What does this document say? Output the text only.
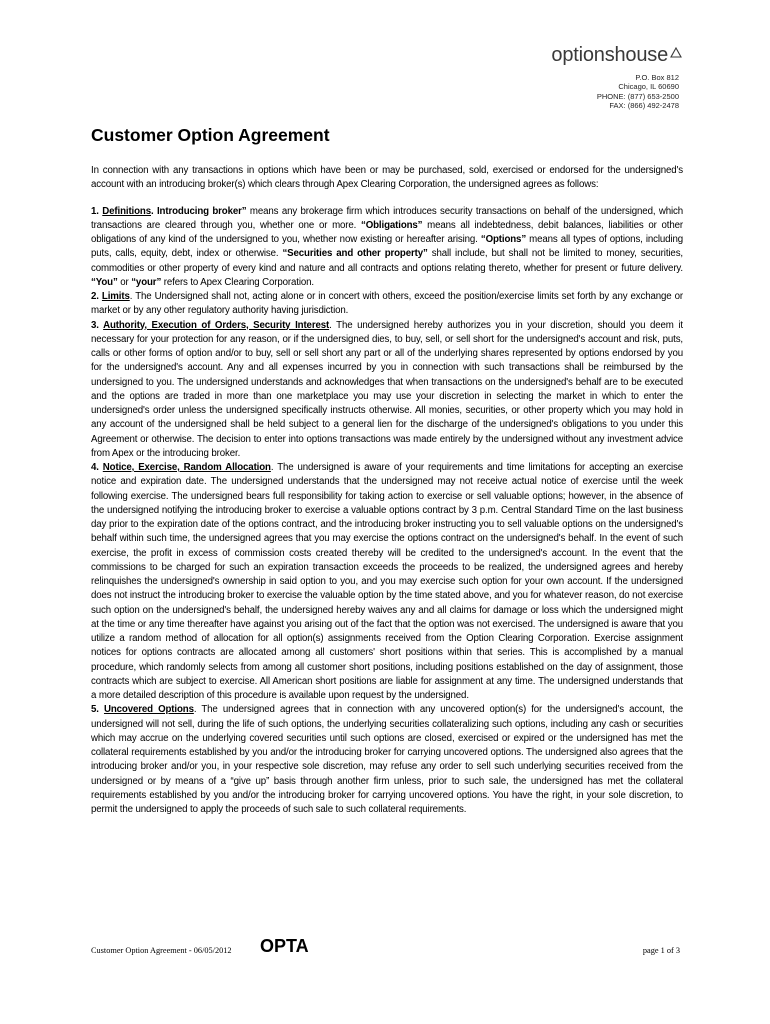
optionshouse
P.O. Box 812
Chicago, IL 60690
PHONE: (877) 653-2500
FAX: (866) 492-2478
Customer Option Agreement

In connection with any transactions in options which have been or may be purchased, sold, exercised or endorsed for the undersigned's account with an introducing broker(s) which clears through Apex Clearing Corporation, the undersigned agrees as follows:

1. Definitions. Introducing broker” means any brokerage firm which introduces security transactions on behalf of the undersigned, which transactions are cleared through you, whether one or more. “Obligations” means all indebtedness, debit balances, liabilities or other obligations of any kind of the undersigned to you, whether now existing or hereafter arising. “Options” means all types of options, including puts, calls, equity, debt, index or otherwise. “Securities and other property” shall include, but shall not be limited to money, securities, commodities or other property of every kind and nature and all contracts and options relating thereto, whether for present or future delivery. “You” or “your” refers to Apex Clearing Corporation.

2. Limits. The Undersigned shall not, acting alone or in concert with others, exceed the position/exercise limits set forth by any exchange or market or by any other regulatory authority having jurisdiction.

3. Authority, Execution of Orders, Security Interest. The undersigned hereby authorizes you in your discretion, should you deem it necessary for your protection for any reason, or if the undersigned dies, to buy, sell, or sell short for the undersigned's account and risk, puts, calls or other forms of option and/or to buy, sell or sell short any part or all of the underlying shares represented by options endorsed by you for the undersigned's account. Any and all expenses incurred by you in connection with such transactions shall be reimbursed by the undersigned to you. The undersigned understands and acknowledges that when transactions on the undersigned's behalf are to be executed and the options are traded in more than one marketplace you may use your discretion in selecting the market in which to enter the undersigned's order unless the undersigned specifically instructs otherwise. All monies, securities, or other property which you may hold in any account of the undersigned shall be held subject to a general lien for the discharge of the undersigned's obligations to you under this Agreement or otherwise. The decision to enter into options transactions was made entirely by the undersigned without any investment advice from Apex or the introducing broker.

4. Notice, Exercise, Random Allocation. The undersigned is aware of your requirements and time limitations for accepting an exercise notice and expiration date. The undersigned understands that the undersigned may not receive actual notice of exercise until the week following exercise. The undersigned bears full responsibility for taking action to exercise or sell valuable options; however, in the absence of the undersigned notifying the introducing broker to exercise a valuable options contract by 3 p.m. Central Standard Time on the last business day prior to the expiration date of the options contract, and the introducing broker instructing you to sell valuable options on the undersigned's behalf within such time, the undersigned agrees that you may exercise the options contract on the undersigned's behalf. In the event of such exercise, the profit in excess of commission costs created thereby will be credited to the undersigned's account. In the event that the commissions to be charged for such an expiration transaction exceeds the proceeds to be realized, the undersigned agrees and hereby relinquishes the undersigned's ownership in said option to you, and you may exercise such option for your own account. If the undersigned does not instruct the introducing broker to exercise the valuable option by the time stated above, and you for whatever reason, do not exercise such option on the undersigned's behalf, the undersigned hereby waives any and all claims for damage or loss which the undersigned might at the time or any time thereafter have against you arising out of the fact that the option was not exercised. The undersigned is aware that you utilize a random method of allocation for all option(s) assignments received from the Option Clearing Corporation. Exercise assignment notices for options contracts are allocated among all customers' short positions within that series. This is accomplished by a manual procedure, which randomly selects from among all customer short positions, including positions established on the day of assignment, those contracts which are subject to exercise. All American short positions are liable for assignment at any time. The undersigned understands that a more detailed description of this procedure is available upon request by the undersigned.

5. Uncovered Options. The undersigned agrees that in connection with any uncovered option(s) for the undersigned's account, the undersigned will not sell, during the life of such options, the underlying securities collateralizing such options, including any cash or securities which may accrue on the underlying covered securities until such options are closed, exercised or expired or the undersigned has met the collateral requirements established by you and/or the introducing broker for carrying uncovered options. The undersigned also agrees that the introducing broker and/or you, in your respective sole discretion, may refuse any order to sell such underlying securities received from the undersigned or by means of a “give up” basis through another firm unless, prior to such sale, the undersigned has met the collateral requirements established by you and/or the introducing broker for carrying uncovered options. You have the right, in your sole discretion, to permit the undersigned to apply the proceeds of such sale to such collateral requirements.

Customer Option Agreement - 06/05/2012 OPTA	page 1 of 3
